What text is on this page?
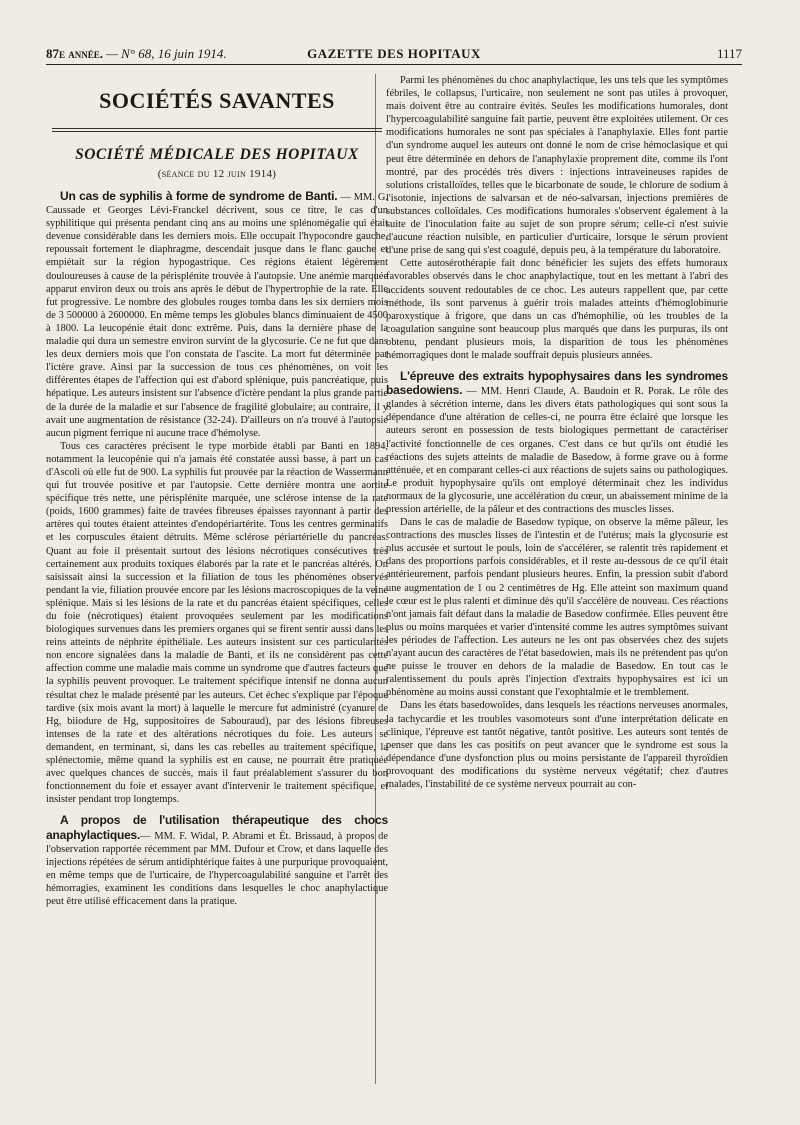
87e année. — N° 68, 16 juin 1914.	GAZETTE DES HOPITAUX	1117
SOCIÉTÉS SAVANTES
SOCIÉTÉ MÉDICALE DES HOPITAUX
(séance du 12 juin 1914)

Un cas de syphilis à forme de syndrome de Banti. — MM. G. Caussade et Georges Lévi-Franckel décrivent, sous ce titre, le cas d'un syphilitique qui présenta pendant cinq ans au moins une splénomégalie qui était devenue considérable dans les derniers mois. Elle occupait l'hypocondre gauche, repoussait fortement le diaphragme, descendait jusque dans le flanc gauche et empiétait sur la région hypogastrique. Ces régions étaient légèrement douloureuses à cause de la périsplénite trouvée à l'autopsie. Une anémie marquée apparut environ deux ou trois ans après le début de l'hypertrophie de la rate. Elle fut progressive. Le nombre des globules rouges tomba dans les six derniers mois de 3 500000 à 2600000. En même temps les globules blancs diminuaient de 4500 à 1800. La leucopénie était donc extrême. Puis, dans la dernière phase de la maladie qui dura un semestre environ survint de la glycosurie. Ce ne fut que dans les deux derniers mois que l'on constata de l'ascite. La mort fut déterminée par l'ictère grave. Ainsi par la succession de tous ces phénomènes, on voit les différentes étapes de l'affection qui est d'abord splénique, puis pancréatique, puis hépatique. Les auteurs insistent sur l'absence d'ictère pendant la plus grande partie de la durée de la maladie et sur l'absence de fragilité globulaire; au contraire, il y avait une augmentation de résistance (32-24). D'ailleurs on n'a trouvé à l'autopsie aucun pigment ferrique ni aucune trace d'hémolyse.

Tous ces caractères précisent le type morbide établi par Banti en 1894, notamment la leucopénie qui n'a jamais été constatée aussi basse, à part un cas d'Ascoli où elle fut de 900. La syphilis fut prouvée par la réaction de Wassermann qui fut trouvée positive et par l'autopsie. Cette dernière montra une aortite spécifique très nette, une périsplénite marquée, une sclérose intense de la rate (poids, 1600 grammes) faite de travées fibreuses épaisses rayonnant à partir des artères qui toutes étaient atteintes d'endopériartérite. Tous les centres germinatifs et les corpuscules étaient détruits. Même sclérose périartérielle du pancréas. Quant au foie il présentait surtout des lésions nécrotiques consécutives très certainement aux produits toxiques élaborés par la rate et le pancréas altérés. On saisissait ainsi la succession et la filiation de tous les phénomènes observés pendant la vie, filiation prouvée encore par les lésions macroscopiques de la veine splénique. Mais si les lésions de la rate et du pancréas étaient spécifiques, celles du foie (nécrotiques) étaient provoquées seulement par les modifications biologiques survenues dans les premiers organes qui se firent sentir aussi dans les reins atteints de néphrite épithéliale. Les auteurs insistent sur ces particularités non encore signalées dans la maladie de Banti, et ils ne considèrent pas cette affection comme une maladie mais comme un syndrome que d'autres facteurs que la syphilis peuvent provoquer. Le traitement spécifique intensif ne donna aucun résultat chez le malade présenté par les auteurs. Cet échec s'explique par l'époque tardive (six mois avant la mort) à laquelle le mercure fut administré (cyanure de Hg, biiodure de Hg, suppositoires de Sabouraud), par des lésions fibreuses intenses de la rate et des altérations nécrotiques du foie. Les auteurs se demandent, en terminant, si, dans les cas rebelles au traitement spécifique, la splénectomie, même quand la syphilis est en cause, ne pourrait être pratiquée avec quelques chances de succès, mais il faut préalablement s'assurer du bon fonctionnement du foie et essayer avant d'intervenir le traitement spécifique, et insister pendant trop longtemps.

A propos de l'utilisation thérapeutique des chocs anaphylactiques.— MM. F. Widal, P. Abrami et Ét. Brissaud, à propos de l'observation rapportée récemment par MM. Dufour et Crow, et dans laquelle des injections répétées de sérum antidiphtérique faites à une purpurique provoquaient, en même temps que de l'urticaire, de l'hypercoagulabilité sanguine et l'arrêt des hémorragies, examinent les conditions dans lesquelles le choc anaphylactique peut être utilisé efficacement dans la pratique.

Parmi les phénomènes du choc anaphylactique, les uns tels que les symptômes fébriles, le collapsus, l'urticaire, non seulement ne sont pas utiles à provoquer, mais doivent être au contraire évités. Seules les modifications humorales, dont l'hypercoagulabilité sanguine fait partie, peuvent être exploitées utilement. Or ces modifications humorales ne sont pas spéciales à l'anaphylaxie. Elles font partie d'un syndrome auquel les auteurs ont donné le nom de crise hémoclasique et qui peut être déterminée en dehors de l'anaphylaxie proprement dite, comme ils l'ont montré, par des procédés très divers : injections intraveineuses rapides de solutions cristalloïdes, telles que le bicarbonate de soude, le chlorure de sodium à l'isotonie, injections de salvarsan et de néo-salvarsan, injections premières de substances colloïdales. Ces modifications humorales s'observent également à la suite de l'inoculation faite au sujet de son propre sérum; celle-ci n'est suivie d'aucune réaction nuisible, en particulier d'urticaire, lorsque le sérum provient d'une prise de sang qui s'est coagulé, depuis peu, à la température du laboratoire.

Cette autosérothérapie fait donc bénéficier les sujets des effets humoraux favorables observés dans le choc anaphylactique, tout en les mettant à l'abri des accidents souvent redoutables de ce choc. Les auteurs rappellent que, par cette méthode, ils sont parvenus à guérir trois malades atteints d'hémoglobinurie paroxystique à frigore, que dans un cas d'hémophilie, où les troubles de la coagulation sanguine sont beaucoup plus marqués que dans les purpuras, ils ont obtenu, pendant plusieurs mois, la disparition de tous les phénomènes hémorragiques dont le malade souffrait depuis plusieurs années.

L'épreuve des extraits hypophysaires dans les syndromes basedowiens. — MM. Henri Claude, A. Baudoin et R. Porak. Le rôle des glandes à sécrétion interne, dans les divers états pathologiques qui sont sous la dépendance d'une altération de celles-ci, ne pourra être éclairé que lorsque les auteurs seront en possession de tests biologiques permettant de caractériser l'activité fonctionnelle de ces organes. C'est dans ce but qu'ils ont étudié les réactions des sujets atteints de maladie de Basedow, à forme grave ou à forme atténuée, et en comparant celles-ci aux réactions de sujets sains ou pathologiques. Le produit hypophysaire qu'ils ont employé déterminait chez les individus normaux de la glycosurie, une accélération du cœur, un abaissement minime de la pression artérielle, de la pâleur et des contractions des muscles lisses.

Dans le cas de maladie de Basedow typique, on observe la même pâleur, les contractions des muscles lisses de l'intestin et de l'utérus; mais la glycosurie est plus accusée et surtout le pouls, loin de s'accélérer, se ralentit très rapidement et dans des proportions parfois considérables, et il reste au-dessous de ce qu'il était antérieurement, parfois pendant plusieurs heures. Enfin, la pression subit d'abord une augmentation de 1 ou 2 centimètres de Hg. Elle atteint son maximum quand le cœur est le plus ralenti et diminue dès qu'il s'accélère de nouveau. Ces réactions n'ont jamais fait défaut dans la maladie de Basedow confirmée. Elles peuvent être plus ou moins marquées et varier d'intensité comme les autres symptômes suivant les périodes de l'affection. Les auteurs ne les ont pas observées chez des sujets n'ayant aucun des caractères de l'état basedowien, mais ils ne prétendent pas qu'on ne puisse le trouver en dehors de la maladie de Basedow. En tout cas le ralentissement du pouls après l'injection d'extraits hypophysaires est ici un phénomène au moins aussi constant que l'exophtalmie et le tremblement.

Dans les états basedowoïdes, dans lesquels les réactions nerveuses anormales, la tachycardie et les troubles vasomoteurs sont d'une interprétation délicate en clinique, l'épreuve est tantôt négative, tantôt positive. Les auteurs sont tentés de penser que dans les cas positifs on peut avancer que le syndrome est sous la dépendance d'une dysfonction plus ou moins persistante de l'appareil thyroïdien provoquant des modifications du système nerveux végétatif; chez d'autres malades, l'instabilité de ce système nerveux pourrait au con-
